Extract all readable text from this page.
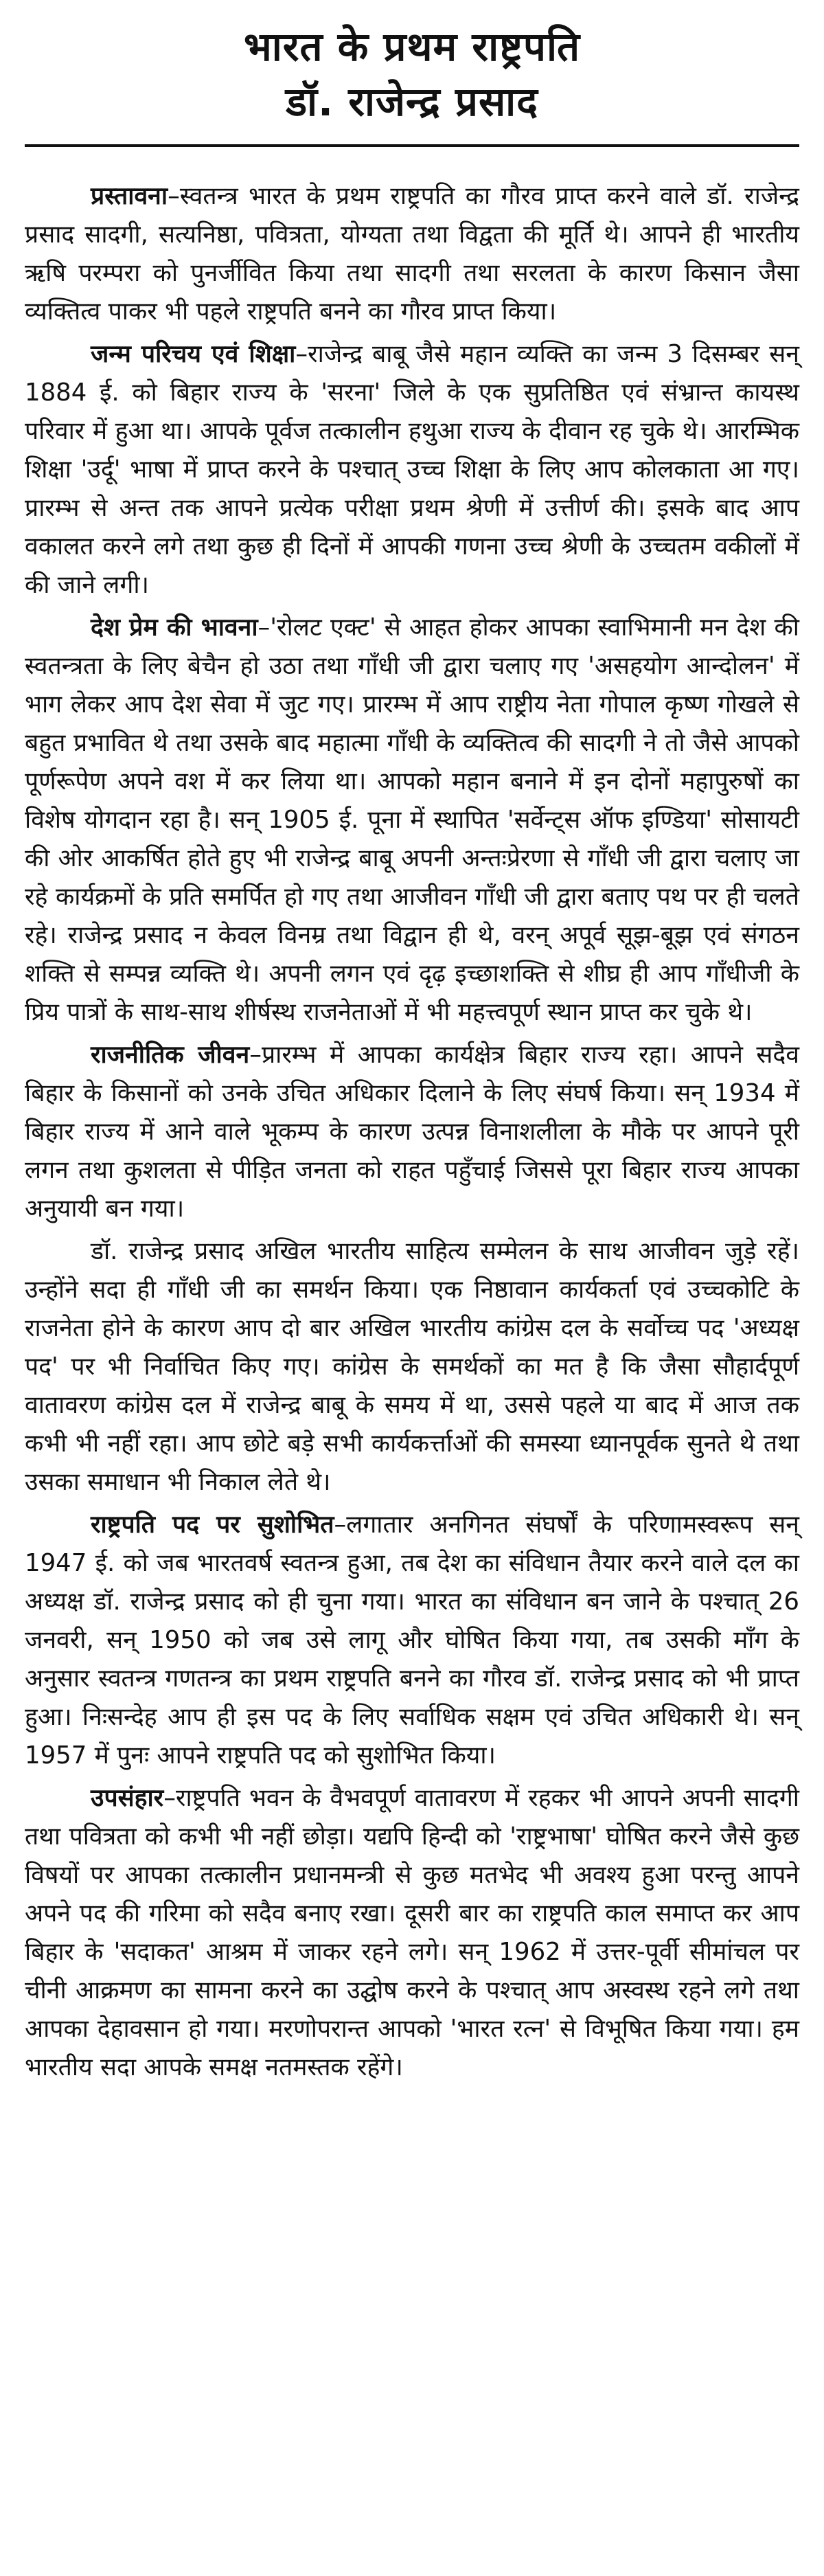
भारत के प्रथम राष्ट्रपति
डॉ. राजेन्द्र प्रसाद

प्रस्तावना–स्वतन्त्र भारत के प्रथम राष्ट्रपति का गौरव प्राप्त करने वाले डॉ. राजेन्द्र प्रसाद सादगी, सत्यनिष्ठा, पवित्रता, योग्यता तथा विद्वता की मूर्ति थे। आपने ही भारतीय ऋषि परम्परा को पुनर्जीवित किया तथा सादगी तथा सरलता के कारण किसान जैसा व्यक्तित्व पाकर भी पहले राष्ट्रपति बनने का गौरव प्राप्त किया।

जन्म परिचय एवं शिक्षा–राजेन्द्र बाबू जैसे महान व्यक्ति का जन्म 3 दिसम्बर सन् 1884 ई. को बिहार राज्य के 'सरना' जिले के एक सुप्रतिष्ठित एवं संभ्रान्त कायस्थ परिवार में हुआ था। आपके पूर्वज तत्कालीन हथुआ राज्य के दीवान रह चुके थे। आरम्भिक शिक्षा 'उर्दू' भाषा में प्राप्त करने के पश्चात् उच्च शिक्षा के लिए आप कोलकाता आ गए। प्रारम्भ से अन्त तक आपने प्रत्येक परीक्षा प्रथम श्रेणी में उत्तीर्ण की। इसके बाद आप वकालत करने लगे तथा कुछ ही दिनों में आपकी गणना उच्च श्रेणी के उच्चतम वकीलों में की जाने लगी।

देश प्रेम की भावना–'रोलट एक्ट' से आहत होकर आपका स्वाभिमानी मन देश की स्वतन्त्रता के लिए बेचैन हो उठा तथा गाँधी जी द्वारा चलाए गए 'असहयोग आन्दोलन' में भाग लेकर आप देश सेवा में जुट गए। प्रारम्भ में आप राष्ट्रीय नेता गोपाल कृष्ण गोखले से बहुत प्रभावित थे तथा उसके बाद महात्मा गाँधी के व्यक्तित्व की सादगी ने तो जैसे आपको पूर्णरूपेण अपने वश में कर लिया था। आपको महान बनाने में इन दोनों महापुरुषों का विशेष योगदान रहा है। सन् 1905 ई. पूना में स्थापित 'सर्वेन्ट्स ऑफ इण्डिया' सोसायटी की ओर आकर्षित होते हुए भी राजेन्द्र बाबू अपनी अन्तःप्रेरणा से गाँधी जी द्वारा चलाए जा रहे कार्यक्रमों के प्रति समर्पित हो गए तथा आजीवन गाँधी जी द्वारा बताए पथ पर ही चलते रहे। राजेन्द्र प्रसाद न केवल विनम्र तथा विद्वान ही थे, वरन् अपूर्व सूझ-बूझ एवं संगठन शक्ति से सम्पन्न व्यक्ति थे। अपनी लगन एवं दृढ़ इच्छाशक्ति से शीघ्र ही आप गाँधीजी के प्रिय पात्रों के साथ-साथ शीर्षस्थ राजनेताओं में भी महत्त्वपूर्ण स्थान प्राप्त कर चुके थे।

राजनीतिक जीवन–प्रारम्भ में आपका कार्यक्षेत्र बिहार राज्य रहा। आपने सदैव बिहार के किसानों को उनके उचित अधिकार दिलाने के लिए संघर्ष किया। सन् 1934 में बिहार राज्य में आने वाले भूकम्प के कारण उत्पन्न विनाशलीला के मौके पर आपने पूरी लगन तथा कुशलता से पीड़ित जनता को राहत पहुँचाई जिससे पूरा बिहार राज्य आपका अनुयायी बन गया।

डॉ. राजेन्द्र प्रसाद अखिल भारतीय साहित्य सम्मेलन के साथ आजीवन जुड़े रहें। उन्होंने सदा ही गाँधी जी का समर्थन किया। एक निष्ठावान कार्यकर्ता एवं उच्चकोटि के राजनेता होने के कारण आप दो बार अखिल भारतीय कांग्रेस दल के सर्वोच्च पद 'अध्यक्ष पद' पर भी निर्वाचित किए गए। कांग्रेस के समर्थकों का मत है कि जैसा सौहार्दपूर्ण वातावरण कांग्रेस दल में राजेन्द्र बाबू के समय में था, उससे पहले या बाद में आज तक कभी भी नहीं रहा। आप छोटे बड़े सभी कार्यकर्त्ताओं की समस्या ध्यानपूर्वक सुनते थे तथा उसका समाधान भी निकाल लेते थे।

राष्ट्रपति पद पर सुशोभित–लगातार अनगिनत संघर्षों के परिणामस्वरूप सन् 1947 ई. को जब भारतवर्ष स्वतन्त्र हुआ, तब देश का संविधान तैयार करने वाले दल का अध्यक्ष डॉ. राजेन्द्र प्रसाद को ही चुना गया। भारत का संविधान बन जाने के पश्चात् 26 जनवरी, सन् 1950 को जब उसे लागू और घोषित किया गया, तब उसकी माँग के अनुसार स्वतन्त्र गणतन्त्र का प्रथम राष्ट्रपति बनने का गौरव डॉ. राजेन्द्र प्रसाद को भी प्राप्त हुआ। निःसन्देह आप ही इस पद के लिए सर्वाधिक सक्षम एवं उचित अधिकारी थे। सन् 1957 में पुनः आपने राष्ट्रपति पद को सुशोभित किया।

उपसंहार–राष्ट्रपति भवन के वैभवपूर्ण वातावरण में रहकर भी आपने अपनी सादगी तथा पवित्रता को कभी भी नहीं छोड़ा। यद्यपि हिन्दी को 'राष्ट्रभाषा' घोषित करने जैसे कुछ विषयों पर आपका तत्कालीन प्रधानमन्त्री से कुछ मतभेद भी अवश्य हुआ परन्तु आपने अपने पद की गरिमा को सदैव बनाए रखा। दूसरी बार का राष्ट्रपति काल समाप्त कर आप बिहार के 'सदाकत' आश्रम में जाकर रहने लगे। सन् 1962 में उत्तर-पूर्वी सीमांचल पर चीनी आक्रमण का सामना करने का उद्घोष करने के पश्चात् आप अस्वस्थ रहने लगे तथा आपका देहावसान हो गया। मरणोपरान्त आपको 'भारत रत्न' से विभूषित किया गया। हम भारतीय सदा आपके समक्ष नतमस्तक रहेंगे।
